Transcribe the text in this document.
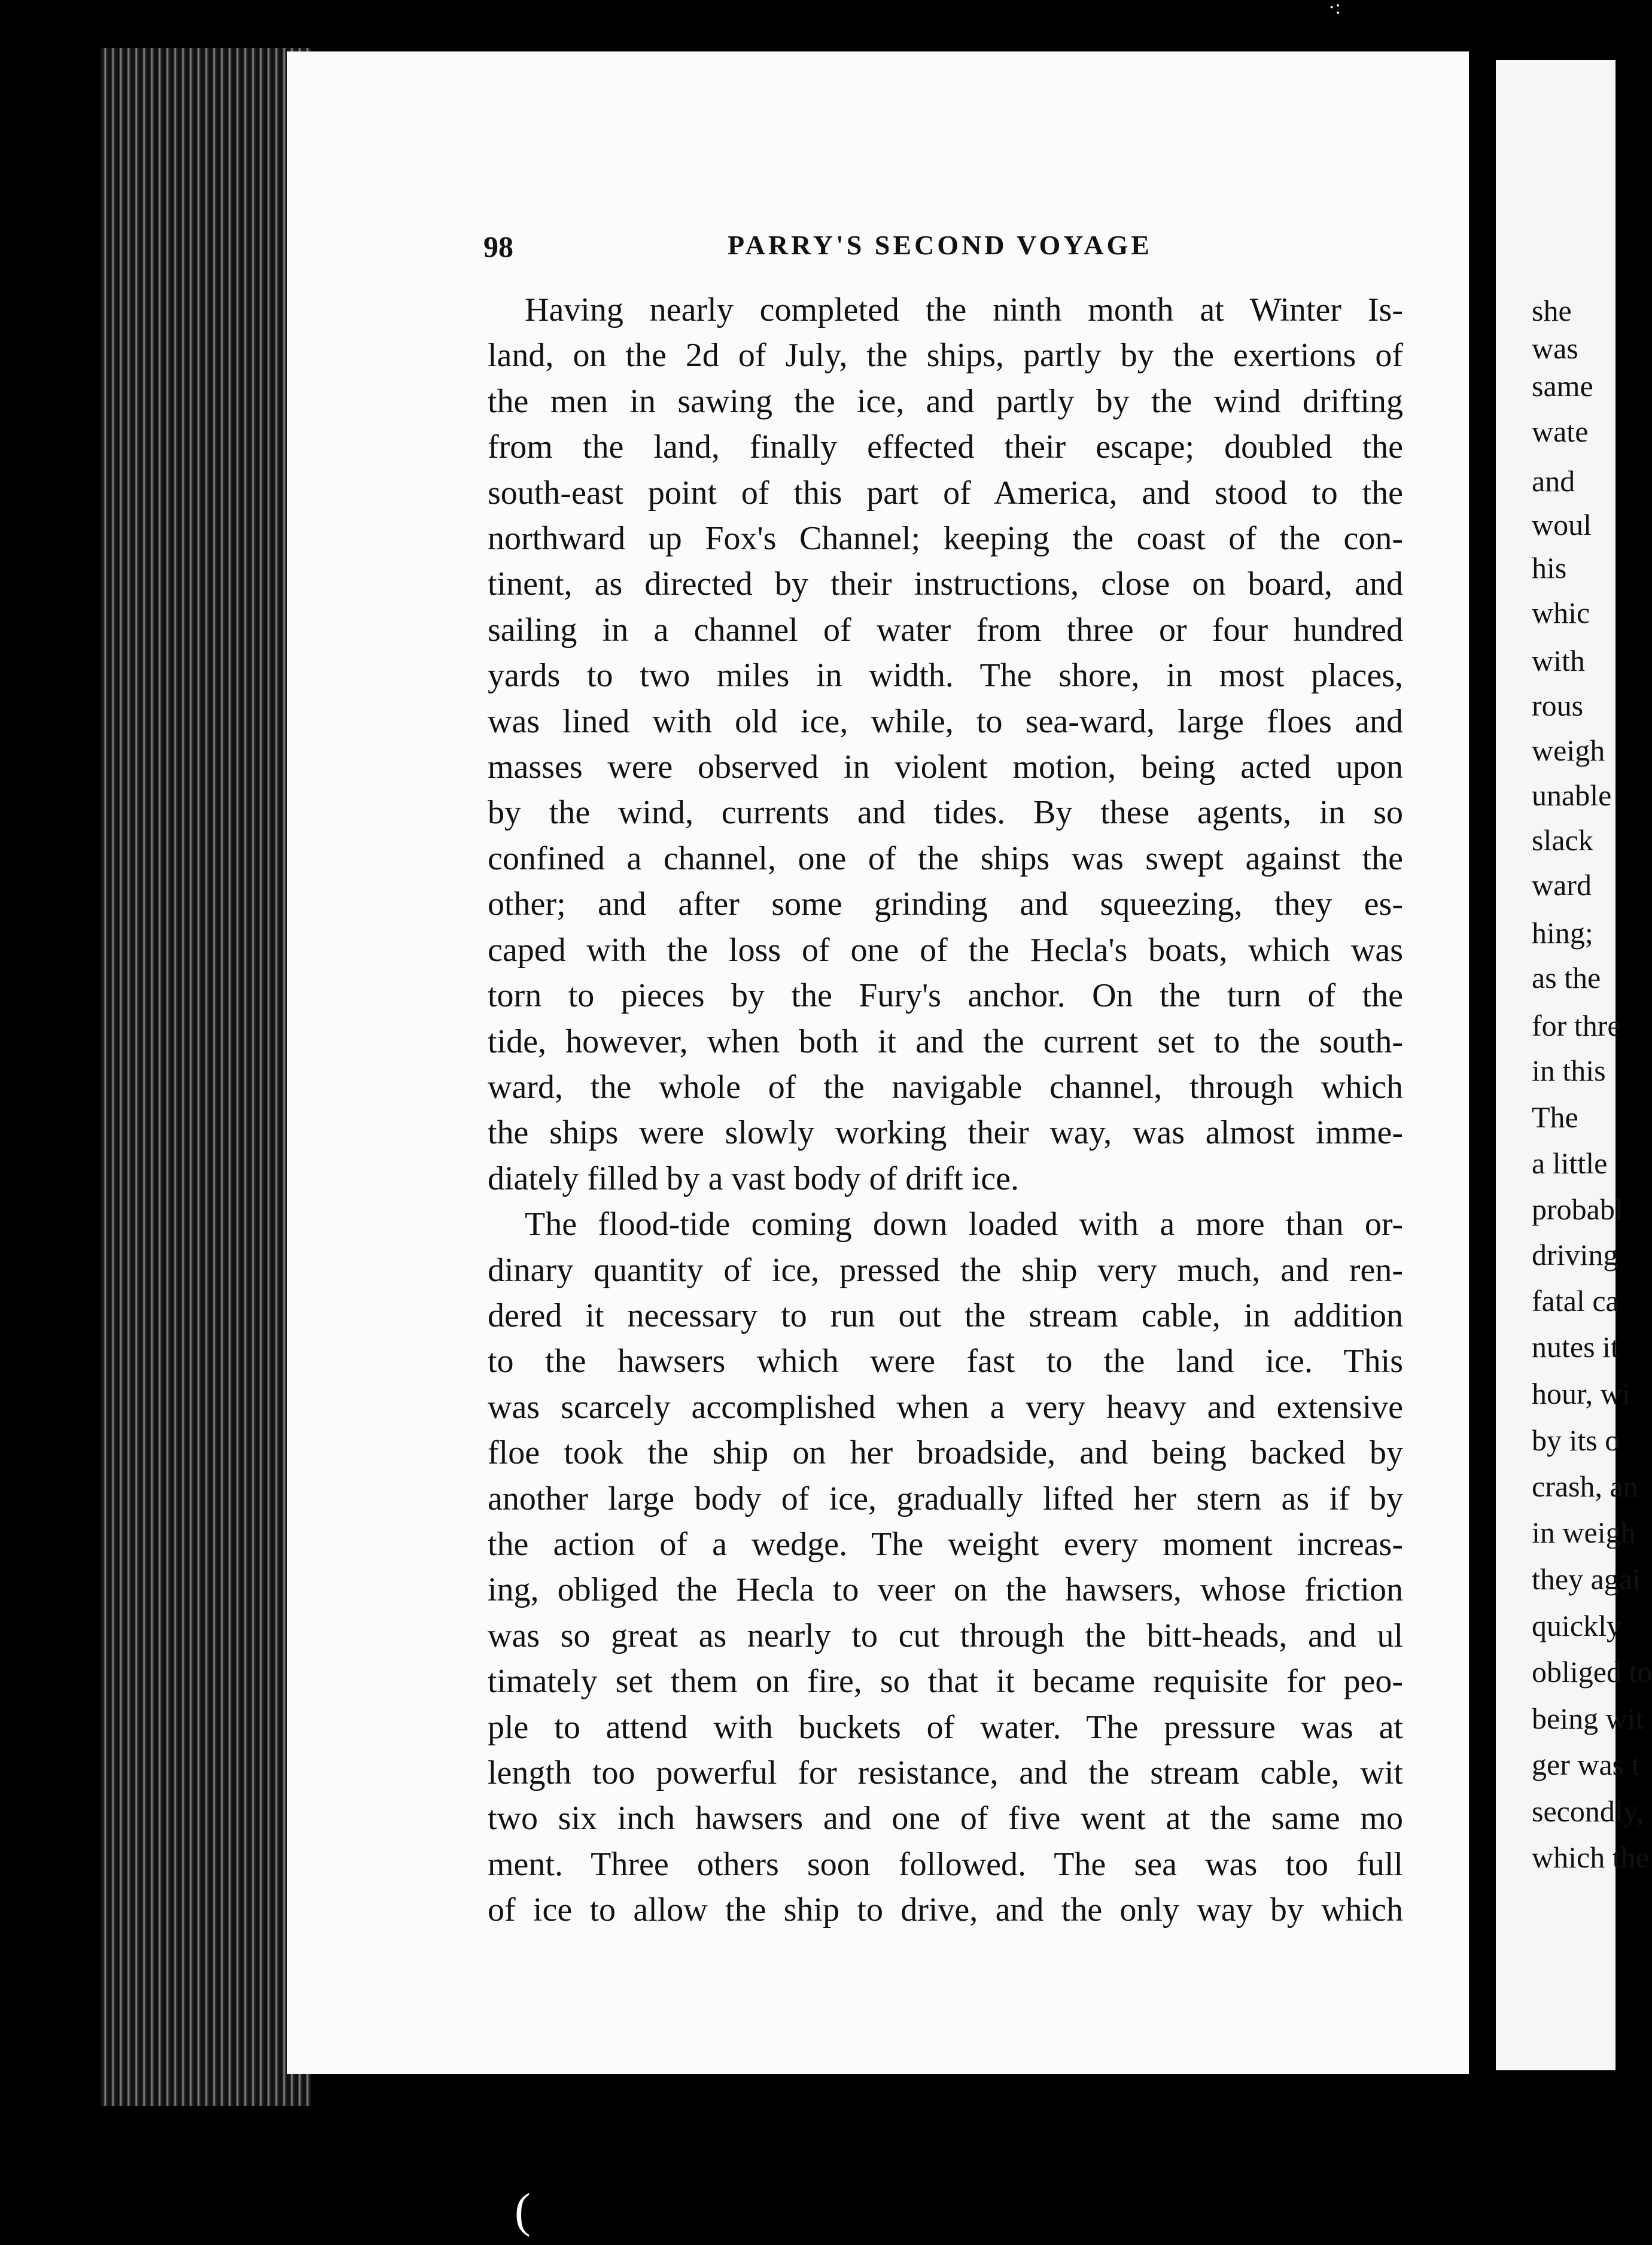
98	PARRY'S SECOND VOYAGE
Having nearly completed the ninth month at Winter Is-
land, on the 2d of July, the ships, partly by the exertions of
the men in sawing the ice, and partly by the wind drifting
from the land, finally effected their escape; doubled the
south-east point of this part of America, and stood to the
northward up Fox's Channel; keeping the coast of the con-
tinent, as directed by their instructions, close on board, and
sailing in a channel of water from three or four hundred
yards to two miles in width. The shore, in most places,
was lined with old ice, while, to sea-ward, large floes and
masses were observed in violent motion, being acted upon
by the wind, currents and tides. By these agents, in so
confined a channel, one of the ships was swept against the
other; and after some grinding and squeezing, they es-
caped with the loss of one of the Hecla's boats, which was
torn to pieces by the Fury's anchor. On the turn of the
tide, however, when both it and the current set to the south-
ward, the whole of the navigable channel, through which
the ships were slowly working their way, was almost imme-
diately filled by a vast body of drift ice.
The flood-tide coming down loaded with a more than or-
dinary quantity of ice, pressed the ship very much, and ren-
dered it necessary to run out the stream cable, in addition
to the hawsers which were fast to the land ice. This
was scarcely accomplished when a very heavy and extensive
floe took the ship on her broadside, and being backed by
another large body of ice, gradually lifted her stern as if by
the action of a wedge. The weight every moment increas-
ing, obliged the Hecla to veer on the hawsers, whose friction
was so great as nearly to cut through the bitt-heads, and ul
timately set them on fire, so that it became requisite for peo-
ple to attend with buckets of water. The pressure was at
length too powerful for resistance, and the stream cable, wit
two six inch hawsers and one of five went at the same mo
ment. Three others soon followed. The sea was too full
of ice to allow the ship to drive, and the only way by which
she
was
same
wate
and
woul
his
whic
with
rous
weigh
unable
slack
ward
hing;
as the
for thre
in this
The
a little
probabl
driving
fatal ca
nutes it
hour, wi
by its o
crash, an
in weigh
they agai
quickly
obliged to
being wit
ger was t
secondly,
which the
·:
(
